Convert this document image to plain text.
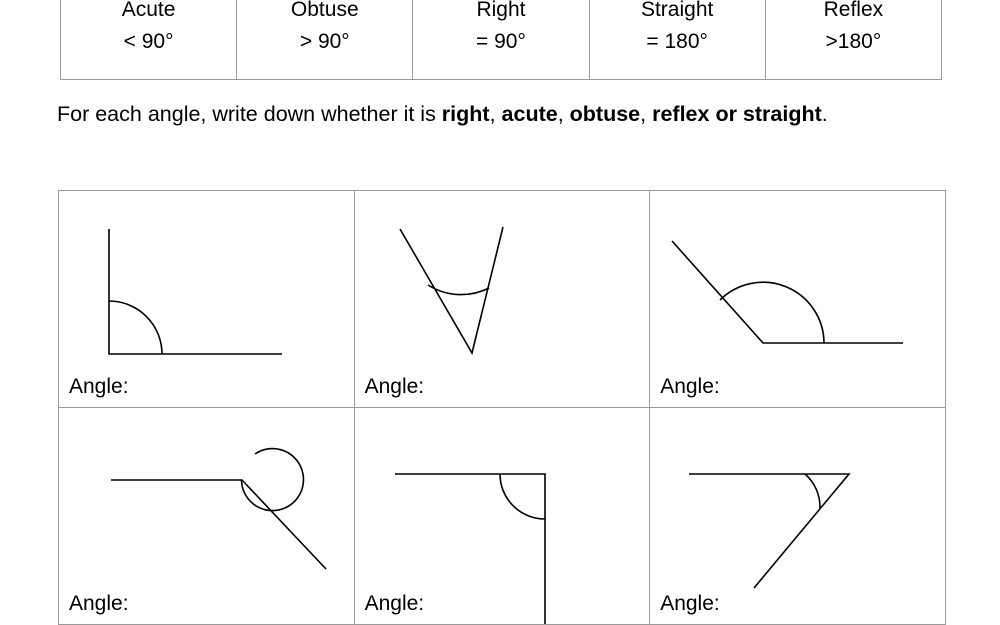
Acute
< 90°

Obtuse
> 90°

Right
= 90°

Straight
= 180°

Reflex
>180°
For each angle, write down whether it is right, acute, obtuse, reflex or straight.
Angle:	Angle:	Angle:

Angle:	Angle:	Angle:
